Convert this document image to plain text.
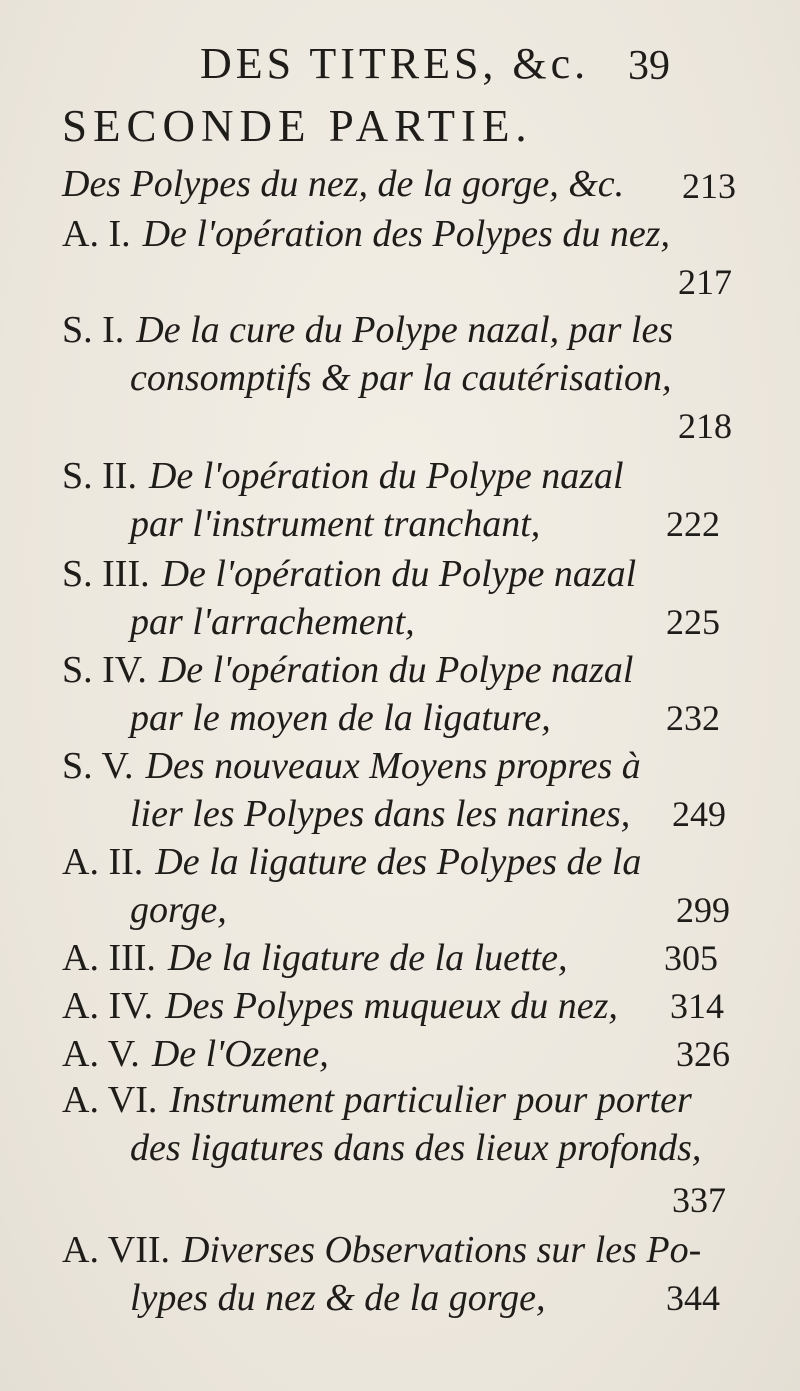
DES TITRES, &c. 39
SECONDE PARTIE.
Des Polypes du nez, de la gorge, &c. 213
A. I. De l'opération des Polypes du nez,
217
S. I. De la cure du Polype nazal, par les
consomptifs & par la cautérisation,
218
S. II. De l'opération du Polype nazal
par l'instrument tranchant,	222
S. III. De l'opération du Polype nazal
par l'arrachement,	225
S. IV. De l'opération du Polype nazal
par le moyen de la ligature,	232
S. V. Des nouveaux Moyens propres à
lier les Polypes dans les narines, 249
A. II. De la ligature des Polypes de la
gorge,	299
A. III. De la ligature de la luette,	305
A. IV. Des Polypes muqueux du nez, 314
A. V. De l'Ozene,	326
A. VI. Instrument particulier pour porter
des ligatures dans des lieux profonds,
337
A. VII. Diverses Observations sur les Po-
lypes du nez & de la gorge,	344
